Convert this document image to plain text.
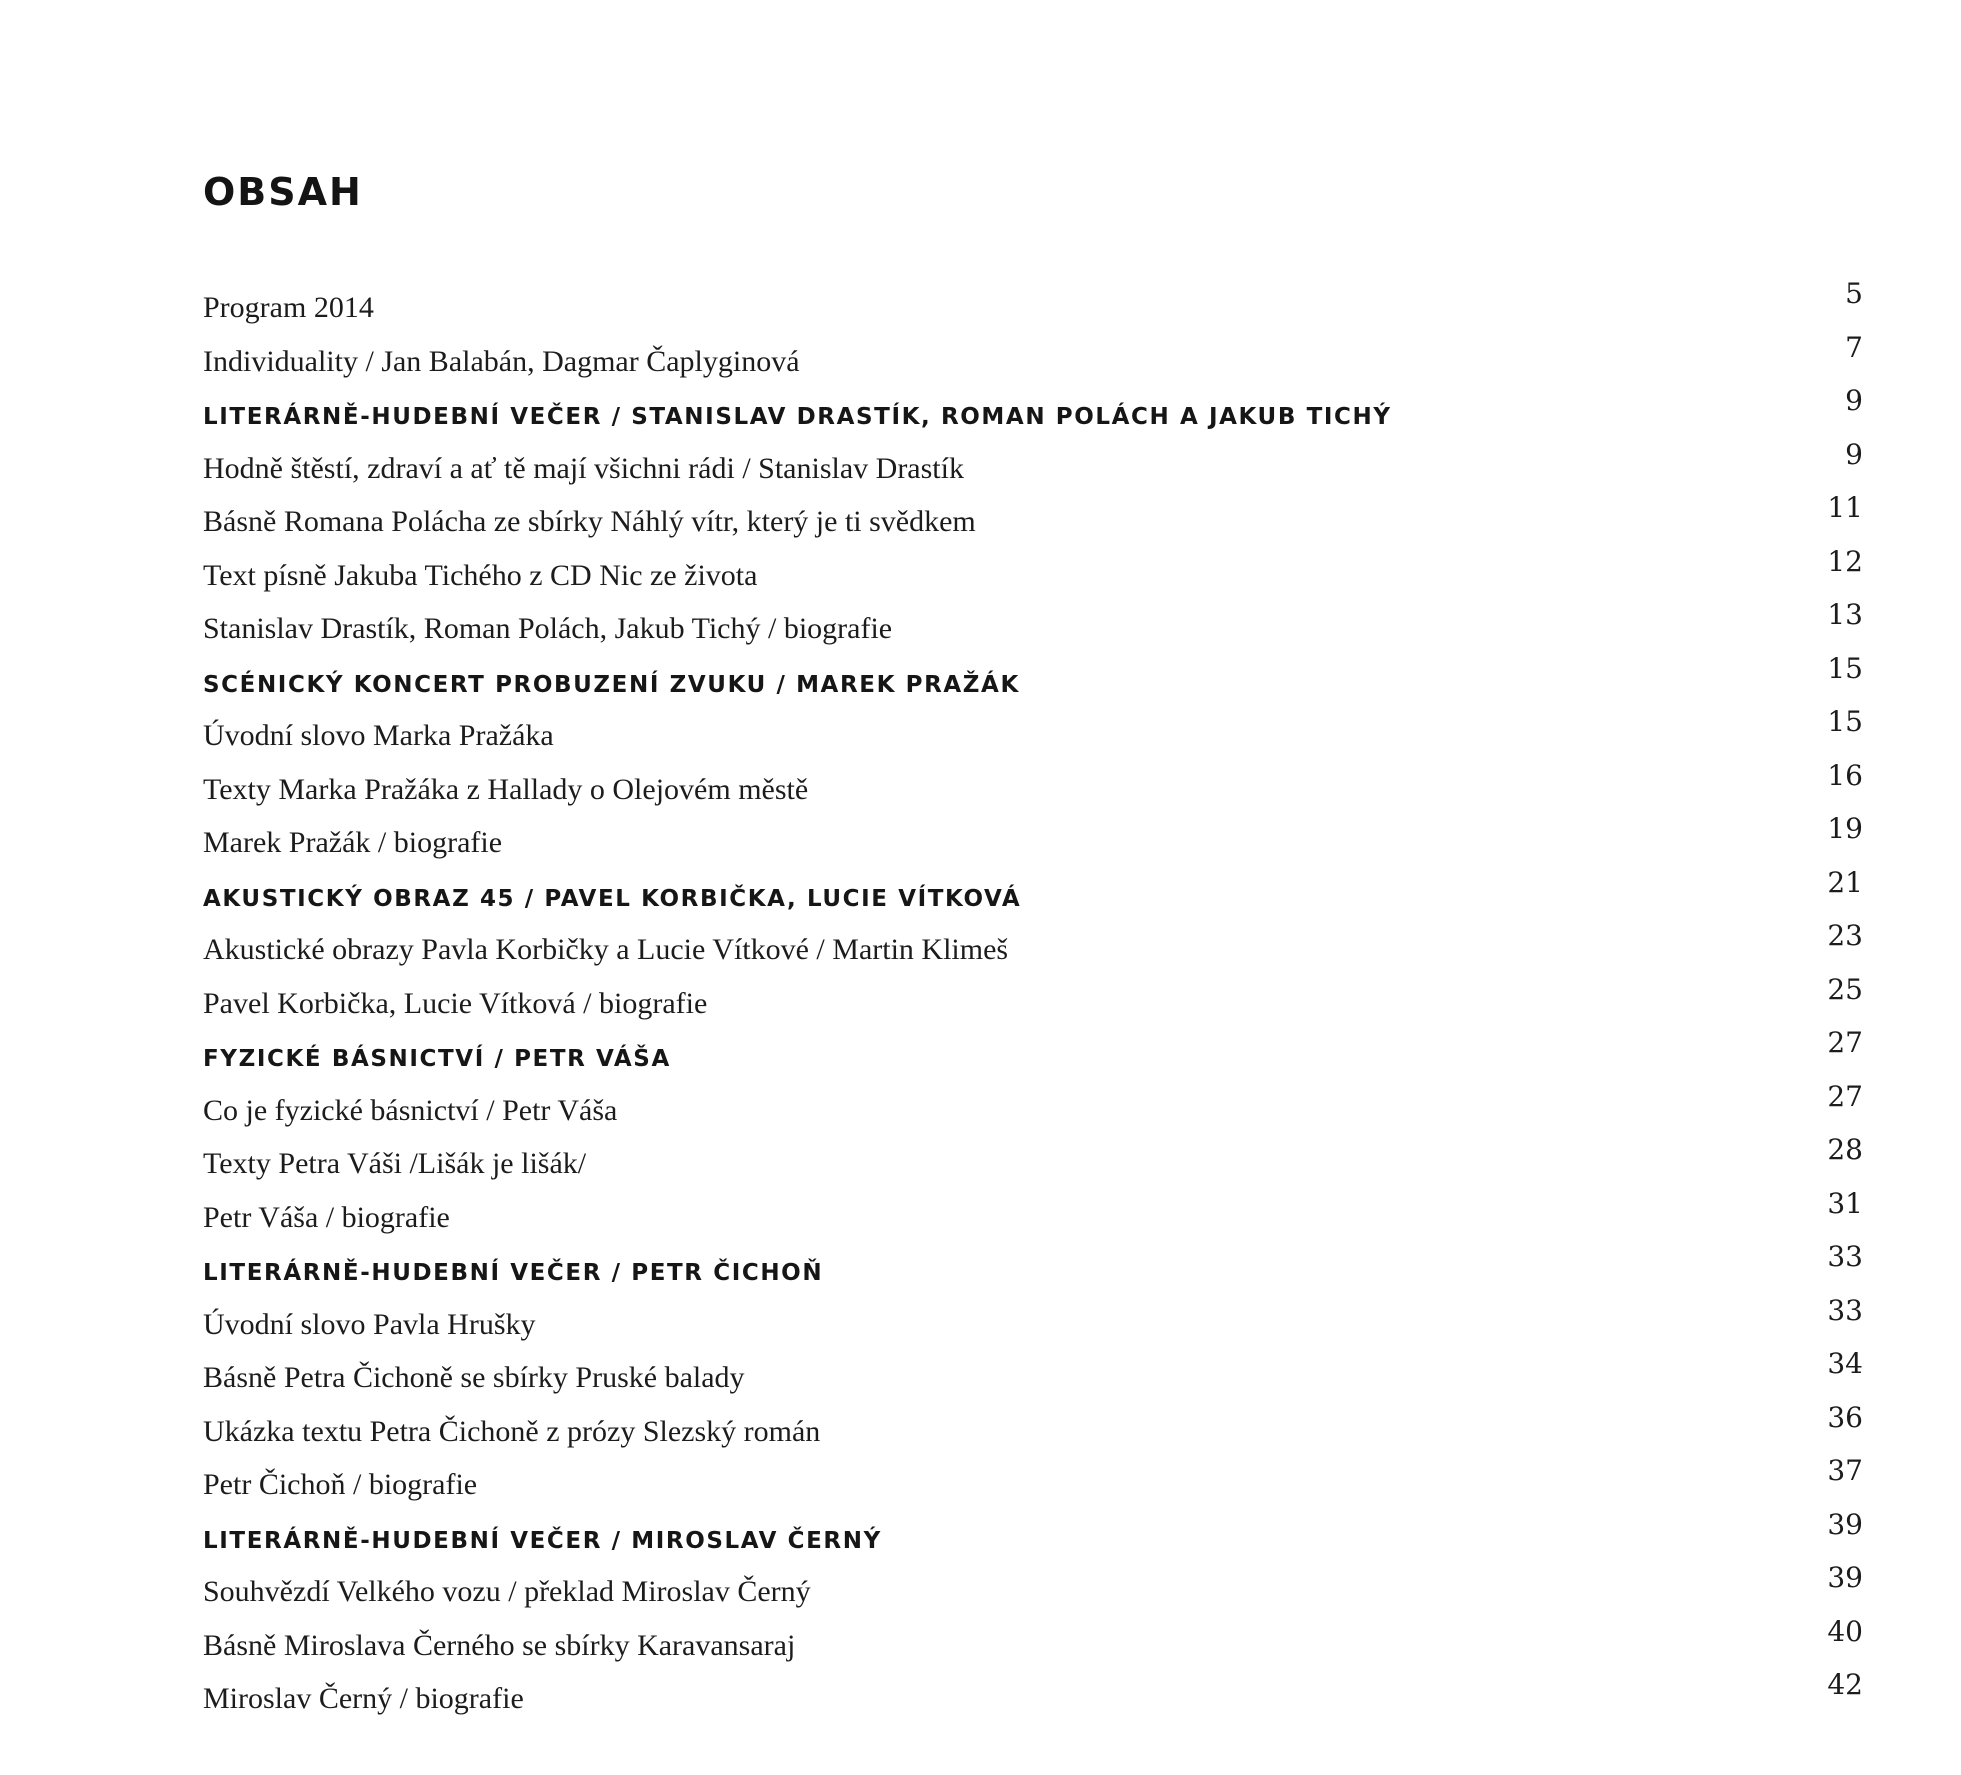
OBSAH
Program 2014	5
Individuality / Jan Balabán, Dagmar Čaplyginová	7
LITERÁRNĚ-HUDEBNÍ VEČER / STANISLAV DRASTÍK, ROMAN POLÁCH A JAKUB TICHÝ	9
Hodně štěstí, zdraví a ať tě mají všichni rádi / Stanislav Drastík	9
Básně Romana Polácha ze sbírky Náhlý vítr, který je ti svědkem	11
Text písně Jakuba Tichého z CD Nic ze života	12
Stanislav Drastík, Roman Polách, Jakub Tichý / biografie	13
SCÉNICKÝ KONCERT PROBUZENÍ ZVUKU / MAREK PRAŽÁK	15
Úvodní slovo Marka Pražáka	15
Texty Marka Pražáka z Hallady o Olejovém městě	16
Marek Pražák / biografie	19
AKUSTICKÝ OBRAZ 45 / PAVEL KORBIČKA, LUCIE VÍTKOVÁ	21
Akustické obrazy Pavla Korbičky a Lucie Vítkové / Martin Klimeš	23
Pavel Korbička, Lucie Vítková / biografie	25
FYZICKÉ BÁSNICTVÍ / PETR VÁŠA	27
Co je fyzické básnictví / Petr Váša	27
Texty Petra Váši /Lišák je lišák/	28
Petr Váša / biografie	31
LITERÁRNĚ-HUDEBNÍ VEČER / PETR ČICHOŇ	33
Úvodní slovo Pavla Hrušky	33
Básně Petra Čichoně se sbírky Pruské balady	34
Ukázka textu Petra Čichoně z prózy Slezský román	36
Petr Čichoň / biografie	37
LITERÁRNĚ-HUDEBNÍ VEČER / MIROSLAV ČERNÝ	39
Souhvězdí Velkého vozu / překlad Miroslav Černý	39
Básně Miroslava Černého se sbírky Karavansaraj	40
Miroslav Černý / biografie	42
